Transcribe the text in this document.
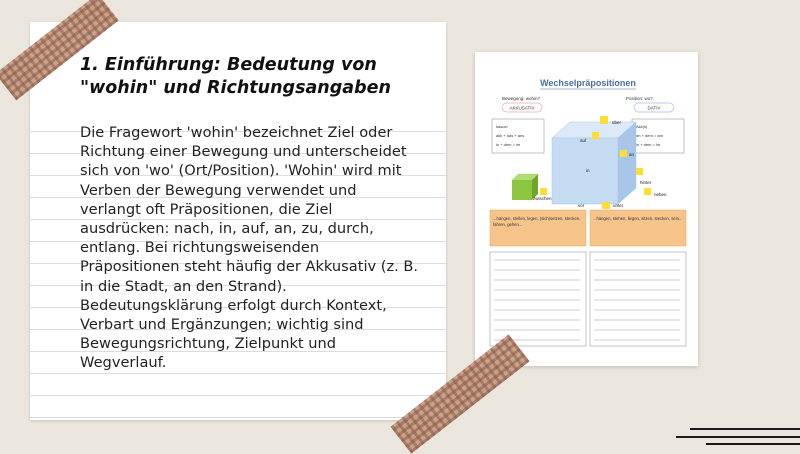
1. Einführung: Bedeutung von "wohin" und Richtungsangaben

Die Fragewort 'wohin' bezeichnet Ziel oder Richtung einer Bewegung und unterscheidet sich von 'wo' (Ort/Position). 'Wohin' wird mit Verben der Bewegung verwendet und verlangt oft Präpositionen, die Ziel ausdrücken: nach, in, auf, an, zu, durch, entlang. Bei richtungsweisenden Präpositionen steht häufig der Akkusativ (z. B. in die Stadt, an den Strand). Bedeutungsklärung erfolgt durch Kontext, Verbart und Ergänzungen; wichtig sind Bewegungsrichtung, Zielpunkt und Wegverlauf.

Wechselpräpositionen
Bewegung: wohin?	Position: wo?
AKKUSATIV	DATIV
kasus!
akk + das + ans
in + dem = im
Akk(s)
an + dem = am
in + dem = im
über
auf
an
in
hinter
neben
zwischen
vor	unter
...hängen, stellen, legen, (sich)setzen, stecken, fahren, gehen...
...hängen, stehen, liegen, sitzen, stecken, sein...
